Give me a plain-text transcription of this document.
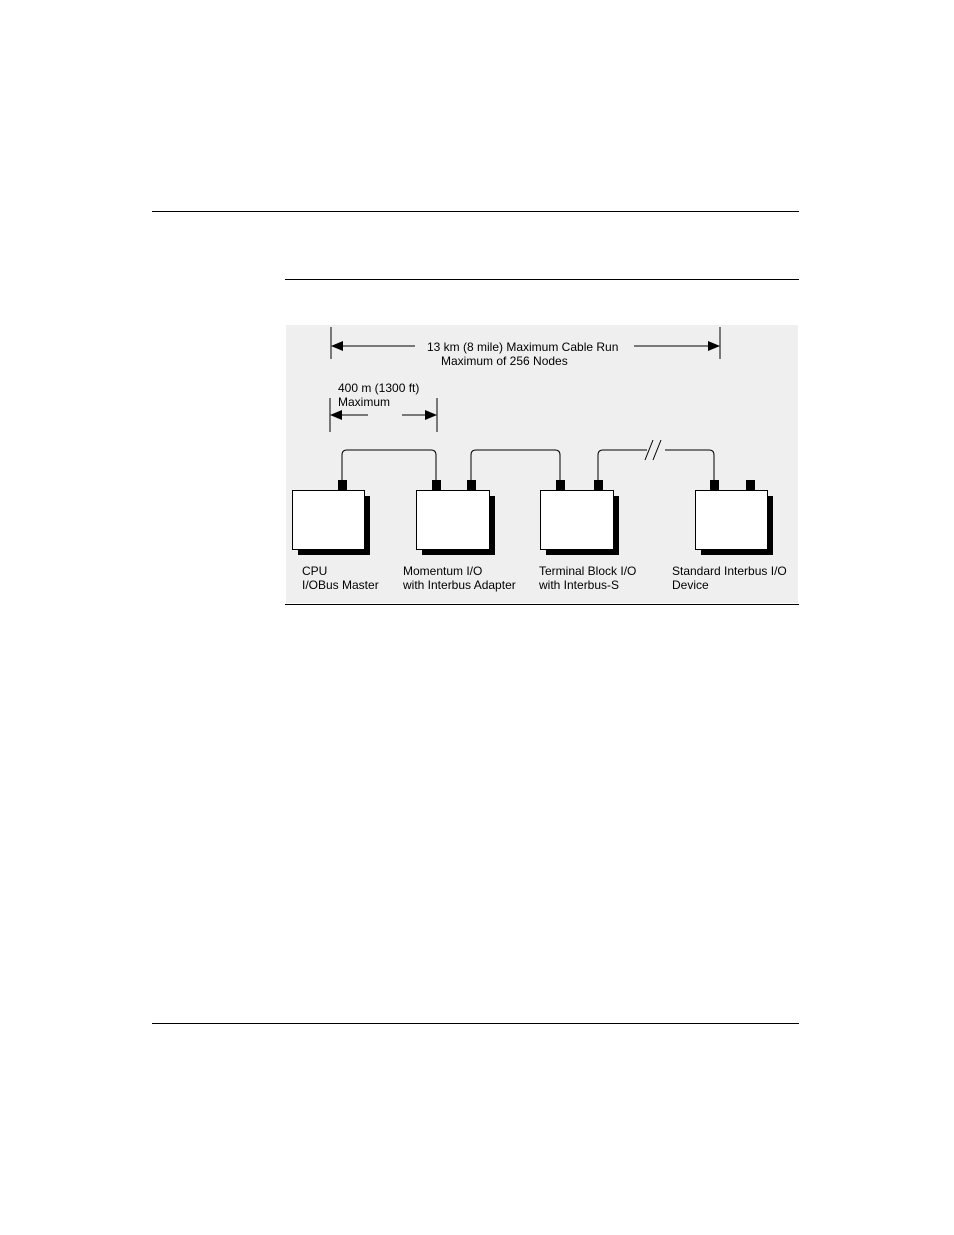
13 km (8 mile) Maximum Cable Run
Maximum of 256 Nodes
400 m (1300 ft)
Maximum
CPU
I/OBus Master
Momentum I/O
with Interbus Adapter
Terminal Block I/O
with Interbus-S
Standard Interbus I/O
Device
